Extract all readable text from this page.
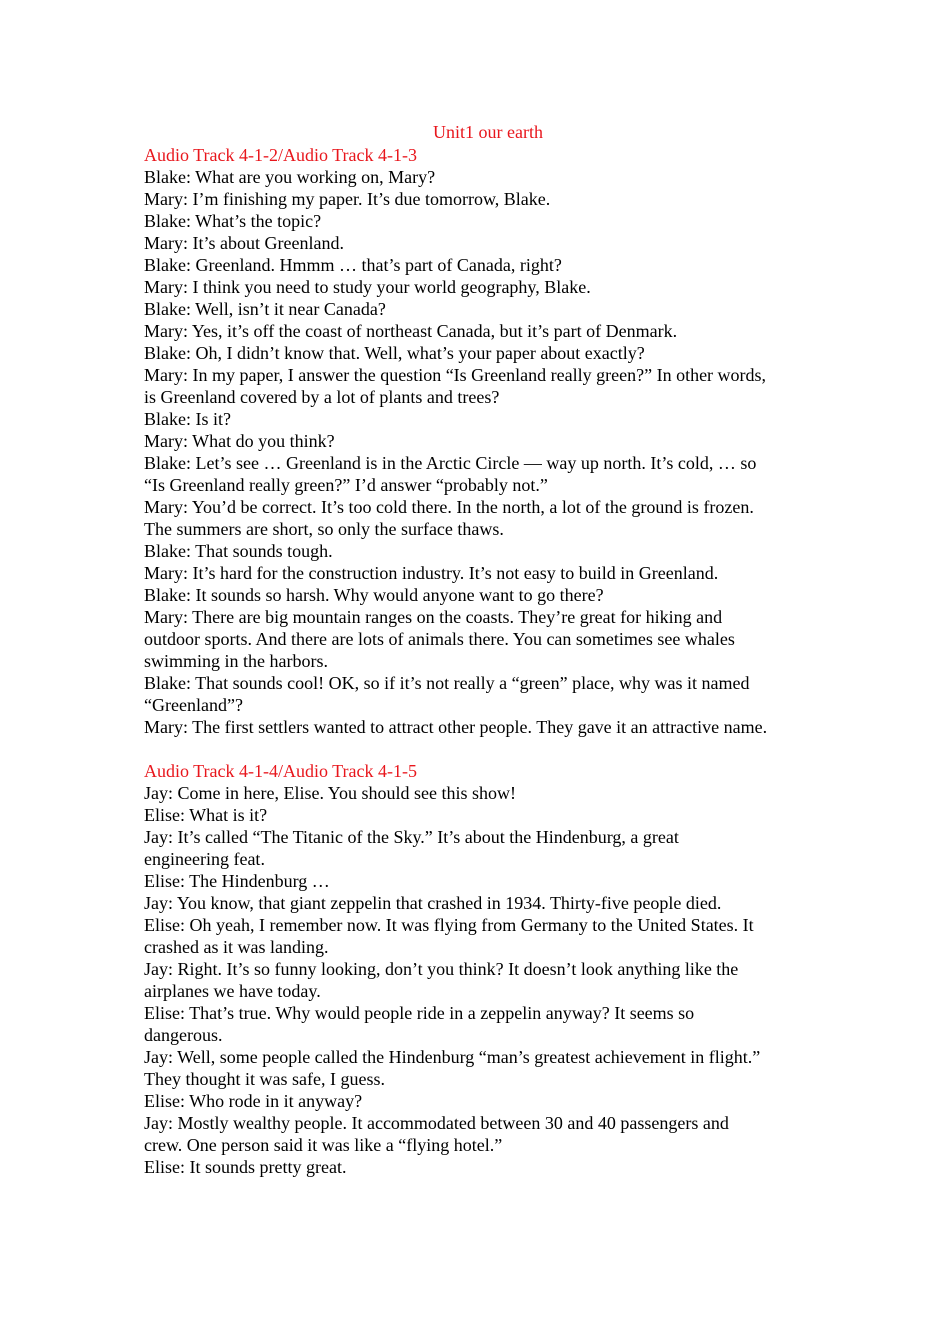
Unit1 our earth

Audio Track 4-1-2/Audio Track 4-1-3

Blake: What are you working on, Mary?

Mary: I’m finishing my paper. It’s due tomorrow, Blake.

Blake: What’s the topic?

Mary: It’s about Greenland.

Blake: Greenland. Hmmm … that’s part of Canada, right?

Mary: I think you need to study your world geography, Blake.

Blake: Well, isn’t it near Canada?

Mary: Yes, it’s off the coast of northeast Canada, but it’s part of Denmark.

Blake: Oh, I didn’t know that. Well, what’s your paper about exactly?

Mary: In my paper, I answer the question “Is Greenland really green?” In other words,

is Greenland covered by a lot of plants and trees?

Blake: Is it?

Mary: What do you think?

Blake: Let’s see … Greenland is in the Arctic Circle — way up north. It’s cold, … so

“Is Greenland really green?” I’d answer “probably not.”

Mary: You’d be correct. It’s too cold there. In the north, a lot of the ground is frozen.

The summers are short, so only the surface thaws.

Blake: That sounds tough.

Mary: It’s hard for the construction industry. It’s not easy to build in Greenland.

Blake: It sounds so harsh. Why would anyone want to go there?

Mary: There are big mountain ranges on the coasts. They’re great for hiking and

outdoor sports. And there are lots of animals there. You can sometimes see whales

swimming in the harbors.

Blake: That sounds cool! OK, so if it’s not really a “green” place, why was it named

“Greenland”?

Mary: The first settlers wanted to attract other people. They gave it an attractive name.

Audio Track 4-1-4/Audio Track 4-1-5

Jay: Come in here, Elise. You should see this show!

Elise: What is it?

Jay: It’s called “The Titanic of the Sky.” It’s about the Hindenburg, a great

engineering feat.

Elise: The Hindenburg …

Jay: You know, that giant zeppelin that crashed in 1934. Thirty-five people died.

Elise: Oh yeah, I remember now. It was flying from Germany to the United States. It

crashed as it was landing.

Jay: Right. It’s so funny looking, don’t you think? It doesn’t look anything like the

airplanes we have today.

Elise: That’s true. Why would people ride in a zeppelin anyway? It seems so

dangerous.

Jay: Well, some people called the Hindenburg “man’s greatest achievement in flight.”

They thought it was safe, I guess.

Elise: Who rode in it anyway?

Jay: Mostly wealthy people. It accommodated between 30 and 40 passengers and

crew. One person said it was like a “flying hotel.”

Elise: It sounds pretty great.
